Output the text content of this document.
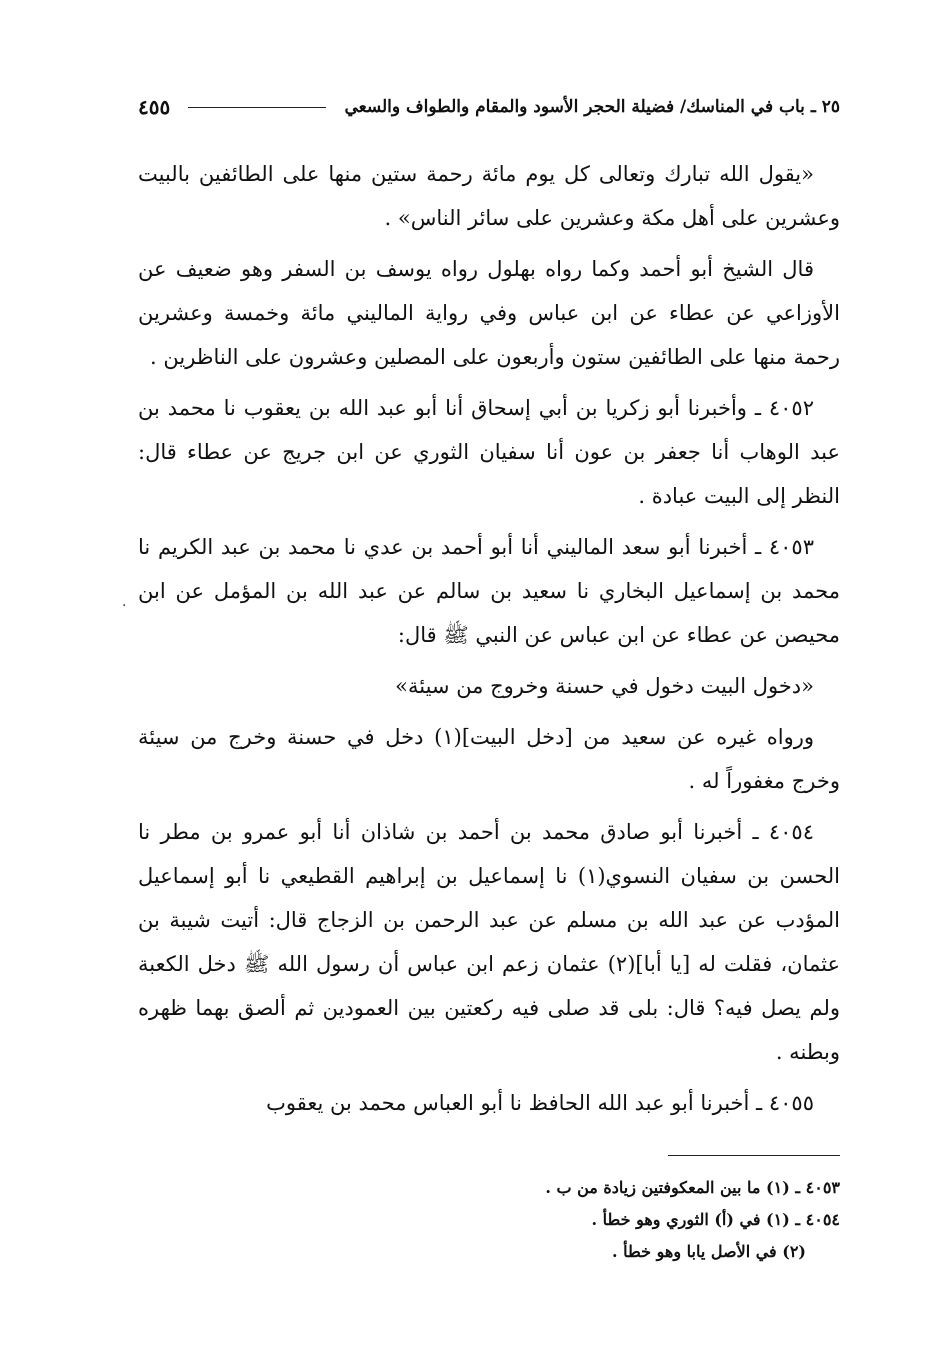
٢٥ ـ باب في المناسك/ فضيلة الحجر الأسود والمقام والطواف والسعي
٤٥٥

«يقول الله تبارك وتعالى كل يوم مائة رحمة ستين منها على الطائفين بالبيت وعشرين على أهل مكة وعشرين على سائر الناس» .

قال الشيخ أبو أحمد وكما رواه بهلول رواه يوسف بن السفر وهو ضعيف عن الأوزاعي عن عطاء عن ابن عباس وفي رواية الماليني مائة وخمسة وعشرين رحمة منها على الطائفين ستون وأربعون على المصلين وعشرون على الناظرين .

٤٠٥٢ ـ وأخبرنا أبو زكريا بن أبي إسحاق أنا أبو عبد الله بن يعقوب نا محمد بن عبد الوهاب أنا جعفر بن عون أنا سفيان الثوري عن ابن جريج عن عطاء قال: النظر إلى البيت عبادة .

٤٠٥٣ ـ أخبرنا أبو سعد الماليني أنا أبو أحمد بن عدي نا محمد بن عبد الكريم نا محمد بن إسماعيل البخاري نا سعيد بن سالم عن عبد الله بن المؤمل عن ابن محيصن عن عطاء عن ابن عباس عن النبي ﷺ قال:

«دخول البيت دخول في حسنة وخروج من سيئة»

ورواه غيره عن سعيد من [دخل البيت](١) دخل في حسنة وخرج من سيئة وخرج مغفوراً له .

٤٠٥٤ ـ أخبرنا أبو صادق محمد بن أحمد بن شاذان أنا أبو عمرو بن مطر نا الحسن بن سفيان النسوي(١) نا إسماعيل بن إبراهيم القطيعي نا أبو إسماعيل المؤدب عن عبد الله بن مسلم عن عبد الرحمن بن الزجاج قال: أتيت شيبة بن عثمان، فقلت له [يا أبا](٢) عثمان زعم ابن عباس أن رسول الله ﷺ دخل الكعبة ولم يصل فيه؟ قال: بلى قد صلى فيه ركعتين بين العمودين ثم ألصق بهما ظهره وبطنه .

٤٠٥٥ ـ أخبرنا أبو عبد الله الحافظ نا أبو العباس محمد بن يعقوب

٤٠٥٣ ـ (١) ما بين المعكوفتين زيادة من ب .
٤٠٥٤ ـ (١) في (أ) الثوري وهو خطأ .
(٢) في الأصل يابا وهو خطأ .
·
